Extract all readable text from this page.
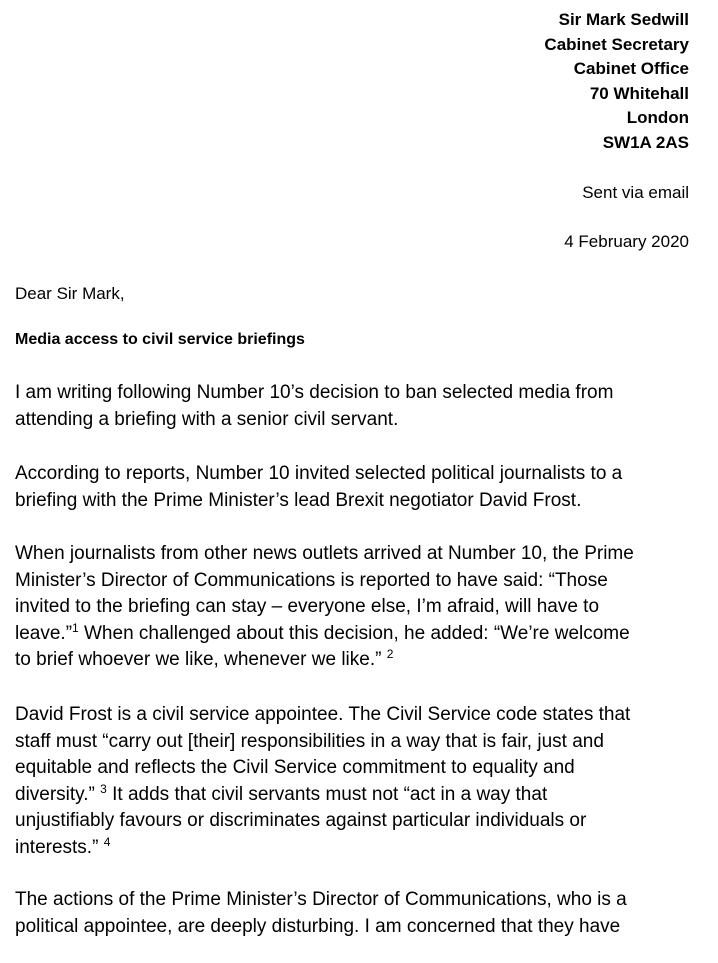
Sir Mark Sedwill
Cabinet Secretary
Cabinet Office
70 Whitehall
London
SW1A 2AS
Sent via email
4 February 2020
Dear Sir Mark,
Media access to civil service briefings

I am writing following Number 10’s decision to ban selected media from
attending a briefing with a senior civil servant.

According to reports, Number 10 invited selected political journalists to a
briefing with the Prime Minister’s lead Brexit negotiator David Frost.

When journalists from other news outlets arrived at Number 10, the Prime
Minister’s Director of Communications is reported to have said: “Those
invited to the briefing can stay – everyone else, I’m afraid, will have to
leave.”$^1$ When challenged about this decision, he added: “We’re welcome
to brief whoever we like, whenever we like.” $^2$

David Frost is a civil service appointee. The Civil Service code states that
staff must “carry out [their] responsibilities in a way that is fair, just and
equitable and reflects the Civil Service commitment to equality and
diversity.” $^3$ It adds that civil servants must not “act in a way that
unjustifiably favours or discriminates against particular individuals or
interests.” $^4$

The actions of the Prime Minister’s Director of Communications, who is a
political appointee, are deeply disturbing. I am concerned that they have
